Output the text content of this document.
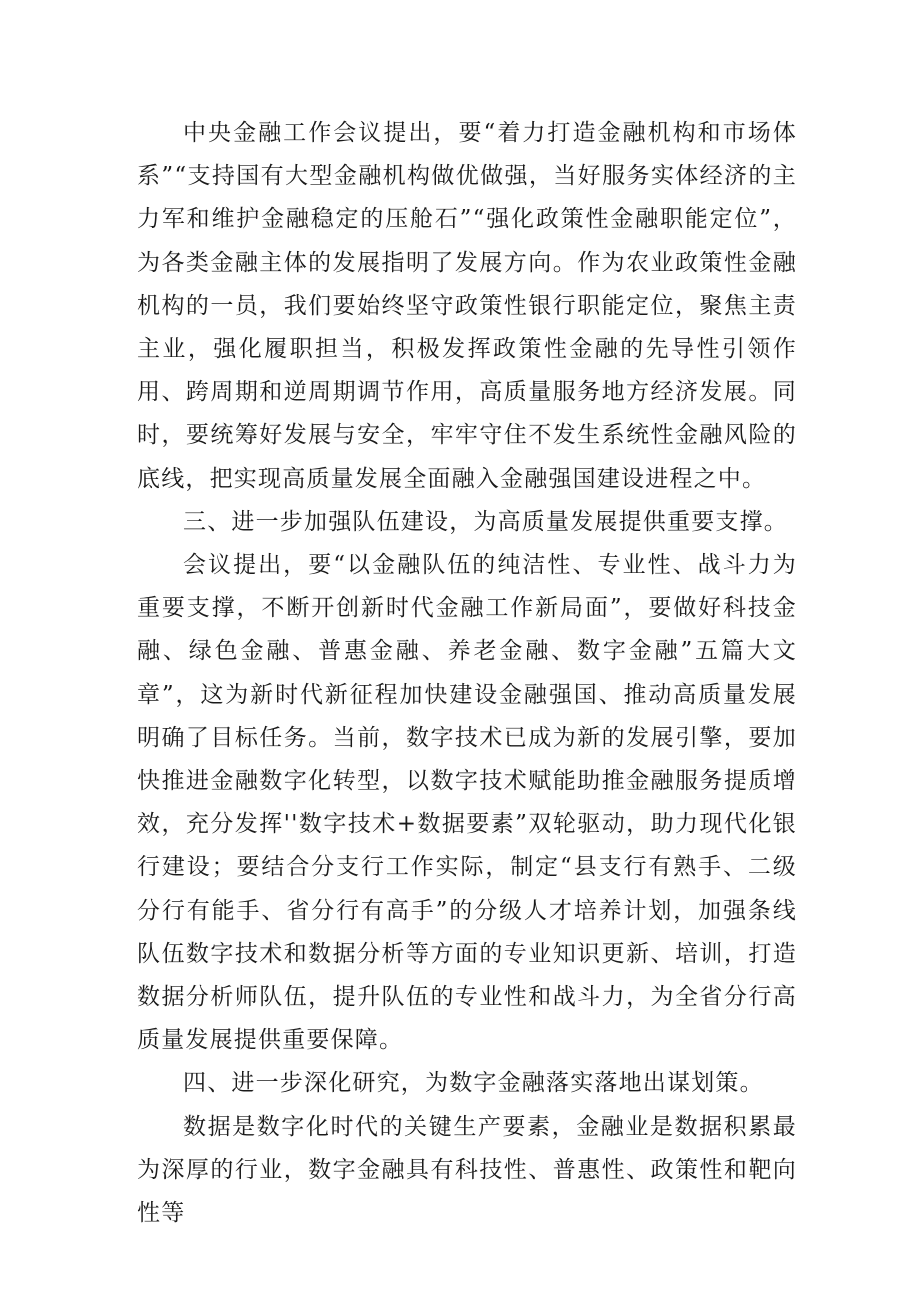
中央金融工作会议提出，要“着力打造金融机构和市场体系”“支持国有大型金融机构做优做强，当好服务实体经济的主力军和维护金融稳定的压舱石”“强化政策性金融职能定位”，为各类金融主体的发展指明了发展方向。作为农业政策性金融机构的一员，我们要始终坚守政策性银行职能定位，聚焦主责主业，强化履职担当，积极发挥政策性金融的先导性引领作用、跨周期和逆周期调节作用，高质量服务地方经济发展。同时，要统筹好发展与安全，牢牢守住不发生系统性金融风险的底线，把实现高质量发展全面融入金融强国建设进程之中。

三、进一步加强队伍建设，为高质量发展提供重要支撑。

会议提出，要“以金融队伍的纯洁性、专业性、战斗力为重要支撑，不断开创新时代金融工作新局面”，要做好科技金融、绿色金融、普惠金融、养老金融、数字金融”五篇大文章”，这为新时代新征程加快建设金融强国、推动高质量发展明确了目标任务。当前，数字技术已成为新的发展引擎，要加快推进金融数字化转型，以数字技术赋能助推金融服务提质增效，充分发挥''数字技术+数据要素”双轮驱动，助力现代化银行建设；要结合分支行工作实际，制定“县支行有熟手、二级分行有能手、省分行有高手”的分级人才培养计划，加强条线队伍数字技术和数据分析等方面的专业知识更新、培训，打造数据分析师队伍，提升队伍的专业性和战斗力，为全省分行高质量发展提供重要保障。

四、进一步深化研究，为数字金融落实落地出谋划策。

数据是数字化时代的关键生产要素，金融业是数据积累最为深厚的行业，数字金融具有科技性、普惠性、政策性和靶向性等
